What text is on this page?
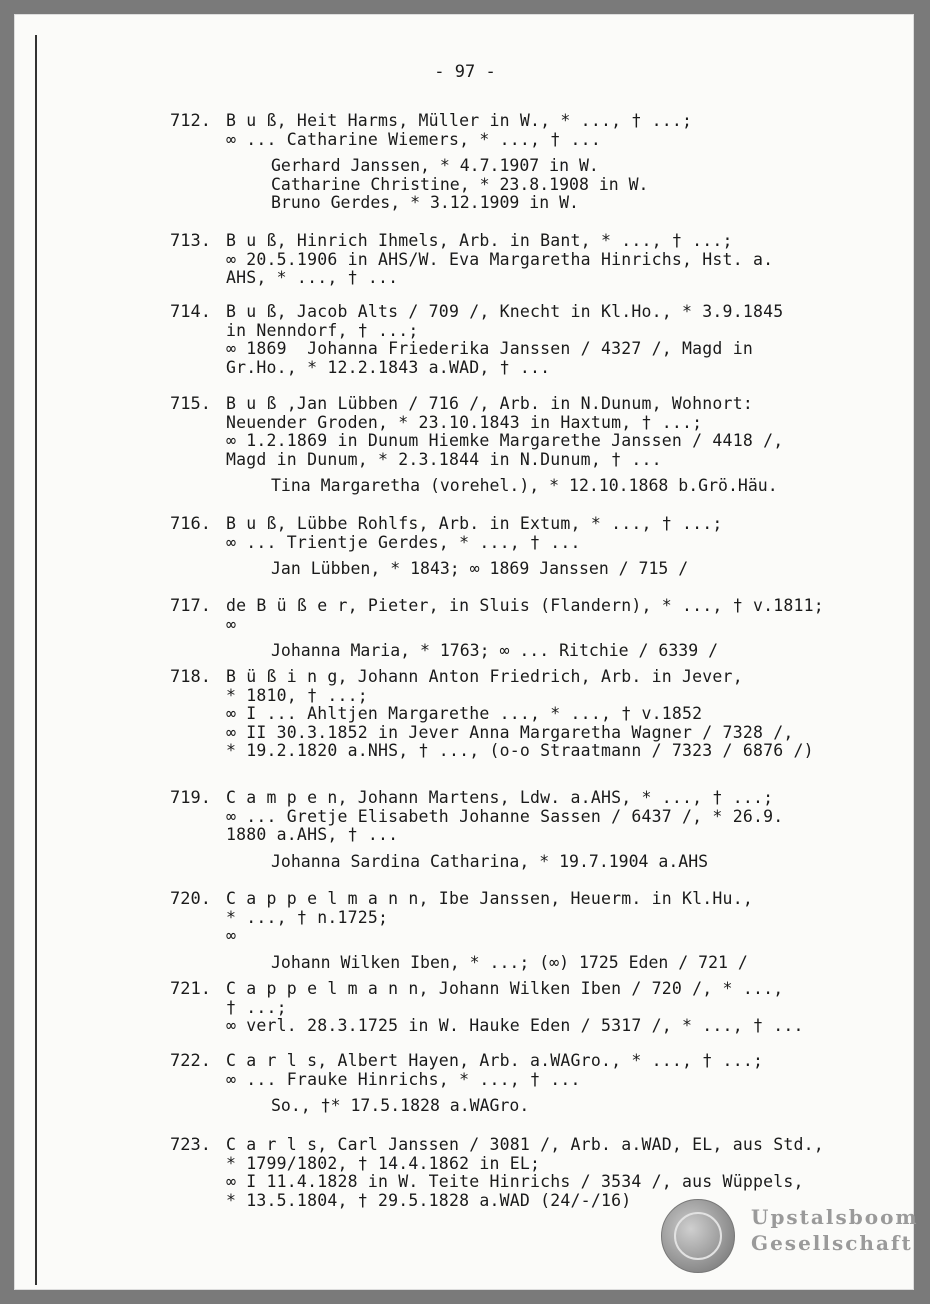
- 97 -
712. B u ß, Heit Harms, Müller in W., * ..., † ...;
∞ ... Catharine Wiemers, * ..., † ...
Gerhard Janssen, * 4.7.1907 in W.
Catharine Christine, * 23.8.1908 in W.
Bruno Gerdes, * 3.12.1909 in W.
713. B u ß, Hinrich Ihmels, Arb. in Bant, * ..., † ...;
∞ 20.5.1906 in AHS/W. Eva Margaretha Hinrichs, Hst. a.
AHS, * ..., † ...
714. B u ß, Jacob Alts / 709 /, Knecht in Kl.Ho., * 3.9.1845
in Nenndorf, † ...;
∞ 1869  Johanna Friederika Janssen / 4327 /, Magd in
Gr.Ho., * 12.2.1843 a.WAD, † ...
715. B u ß ,Jan Lübben / 716 /, Arb. in N.Dunum, Wohnort:
Neuender Groden, * 23.10.1843 in Haxtum, † ...;
∞ 1.2.1869 in Dunum Hiemke Margarethe Janssen / 4418 /,
Magd in Dunum, * 2.3.1844 in N.Dunum, † ...
Tina Margaretha (vorehel.), * 12.10.1868 b.Grö.Häu.
716. B u ß, Lübbe Rohlfs, Arb. in Extum, * ..., † ...;
∞ ... Trientje Gerdes, * ..., † ...
Jan Lübben, * 1843; ∞ 1869 Janssen / 715 /
717. de B ü ß e r, Pieter, in Sluis (Flandern), * ..., † v.1811;
∞
Johanna Maria, * 1763; ∞ ... Ritchie / 6339 /
718. B ü ß i n g, Johann Anton Friedrich, Arb. in Jever,
* 1810, † ...;
∞ I ... Ahltjen Margarethe ..., * ..., † v.1852
∞ II 30.3.1852 in Jever Anna Margaretha Wagner / 7328 /,
* 19.2.1820 a.NHS, † ..., (o-o Straatmann / 7323 / 6876 /)
719. C a m p e n, Johann Martens, Ldw. a.AHS, * ..., † ...;
∞ ... Gretje Elisabeth Johanne Sassen / 6437 /, * 26.9.
1880 a.AHS, † ...
Johanna Sardina Catharina, * 19.7.1904 a.AHS
720. C a p p e l m a n n, Ibe Janssen, Heuerm. in Kl.Hu.,
* ..., † n.1725;
∞
Johann Wilken Iben, * ...; (∞) 1725 Eden / 721 /
721. C a p p e l m a n n, Johann Wilken Iben / 720 /, * ...,
† ...;
∞ verl. 28.3.1725 in W. Hauke Eden / 5317 /, * ..., † ...
722. C a r l s, Albert Hayen, Arb. a.WAGro., * ..., † ...;
∞ ... Frauke Hinrichs, * ..., † ...
So., †* 17.5.1828 a.WAGro.
723. C a r l s, Carl Janssen / 3081 /, Arb. a.WAD, EL, aus Std.,
* 1799/1802, † 14.4.1862 in EL;
∞ I 11.4.1828 in W. Teite Hinrichs / 3534 /, aus Wüppels,
* 13.5.1804, † 29.5.1828 a.WAD (24/-/16)
Upstalsboom
Gesellschaft
